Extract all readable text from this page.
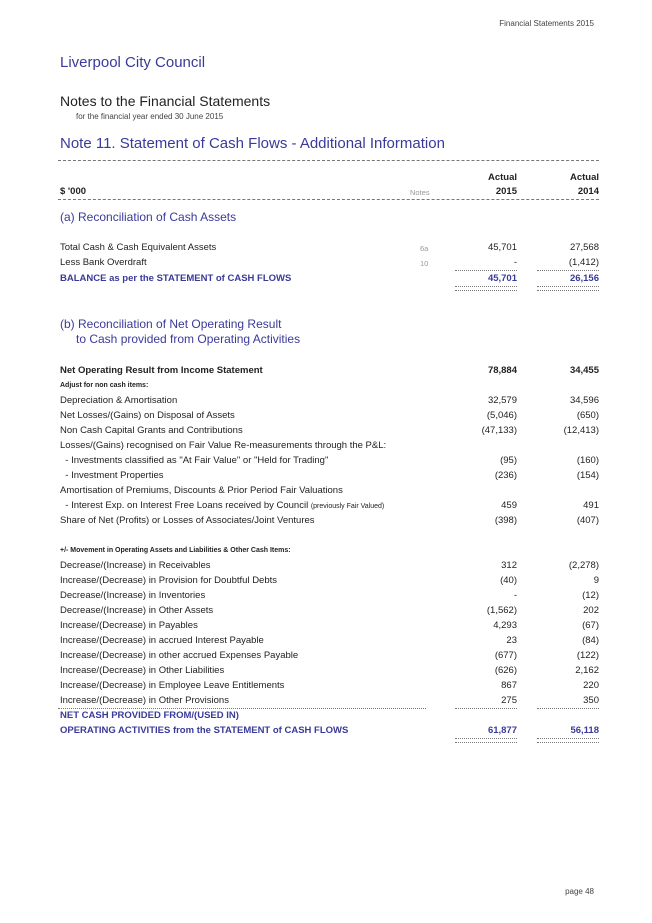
Financial Statements 2015
Liverpool City Council
Notes to the Financial Statements
for the financial year ended 30 June 2015
Note 11. Statement of Cash Flows - Additional Information
Actual	Actual
$ '000	Notes	2015	2014
(a) Reconciliation of Cash Assets
Total Cash & Cash Equivalent Assets	6a	45,701	27,568
Less Bank Overdraft	10	-	(1,412)
BALANCE as per the STATEMENT of CASH FLOWS	45,701	26,156
(b) Reconciliation of Net Operating Result
to Cash provided from Operating Activities
Net Operating Result from Income Statement	78,884	34,455
Adjust for non cash items:
Depreciation & Amortisation	32,579	34,596
Net Losses/(Gains) on Disposal of Assets	(5,046)	(650)
Non Cash Capital Grants and Contributions	(47,133)	(12,413)
Losses/(Gains) recognised on Fair Value Re-measurements through the P&L:
- Investments classified as "At Fair Value" or "Held for Trading"	(95)	(160)
- Investment Properties	(236)	(154)
Amortisation of Premiums, Discounts & Prior Period Fair Valuations
- Interest Exp. on Interest Free Loans received by Council (previously Fair Valued)	459	491
Share of Net (Profits) or Losses of Associates/Joint Ventures	(398)	(407)
+/- Movement in Operating Assets and Liabilities & Other Cash Items:
Decrease/(Increase) in Receivables	312	(2,278)
Increase/(Decrease) in Provision for Doubtful Debts	(40)	9
Decrease/(Increase) in Inventories	-	(12)
Decrease/(Increase) in Other Assets	(1,562)	202
Increase/(Decrease) in Payables	4,293	(67)
Increase/(Decrease) in accrued Interest Payable	23	(84)
Increase/(Decrease) in other accrued Expenses Payable	(677)	(122)
Increase/(Decrease) in Other Liabilities	(626)	2,162
Increase/(Decrease) in Employee Leave Entitlements	867	220
Increase/(Decrease) in Other Provisions	275	350
NET CASH PROVIDED FROM/(USED IN)
OPERATING ACTIVITIES from the STATEMENT of CASH FLOWS	61,877	56,118
page 48
